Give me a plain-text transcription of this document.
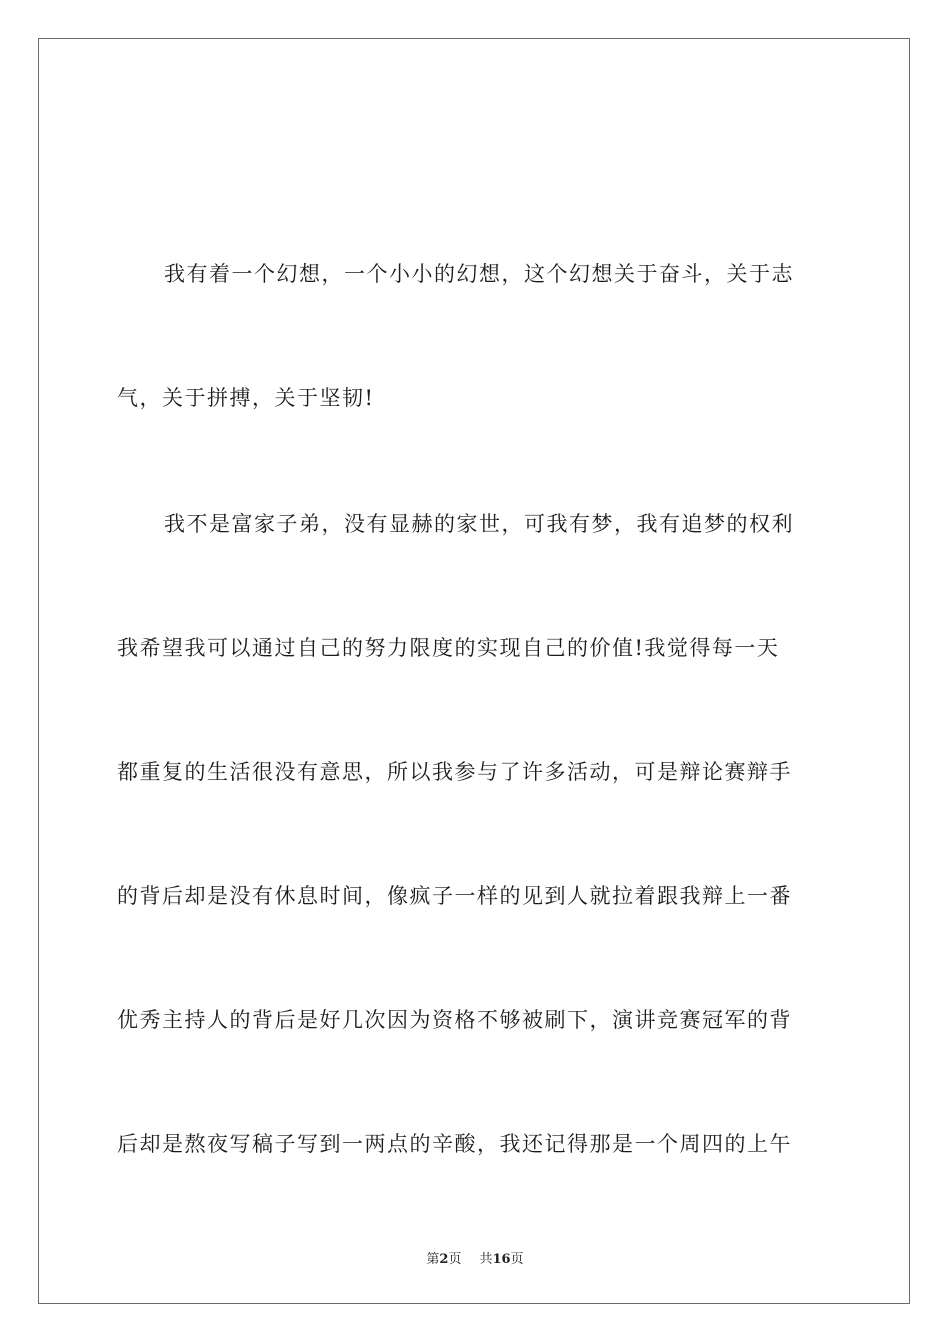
我有着一个幻想，一个小小的幻想，这个幻想关于奋斗，关于志
气，关于拼搏，关于坚韧!
我不是富家子弟，没有显赫的家世，可我有梦，我有追梦的权利
我希望我可以通过自己的努力限度的实现自己的价值!我觉得每一天
都重复的生活很没有意思，所以我参与了许多活动，可是辩论赛辩手
的背后却是没有休息时间，像疯子一样的见到人就拉着跟我辩上一番
优秀主持人的背后是好几次因为资格不够被刷下，演讲竞赛冠军的背
后却是熬夜写稿子写到一两点的辛酸，我还记得那是一个周四的上午
第2页 共16页
